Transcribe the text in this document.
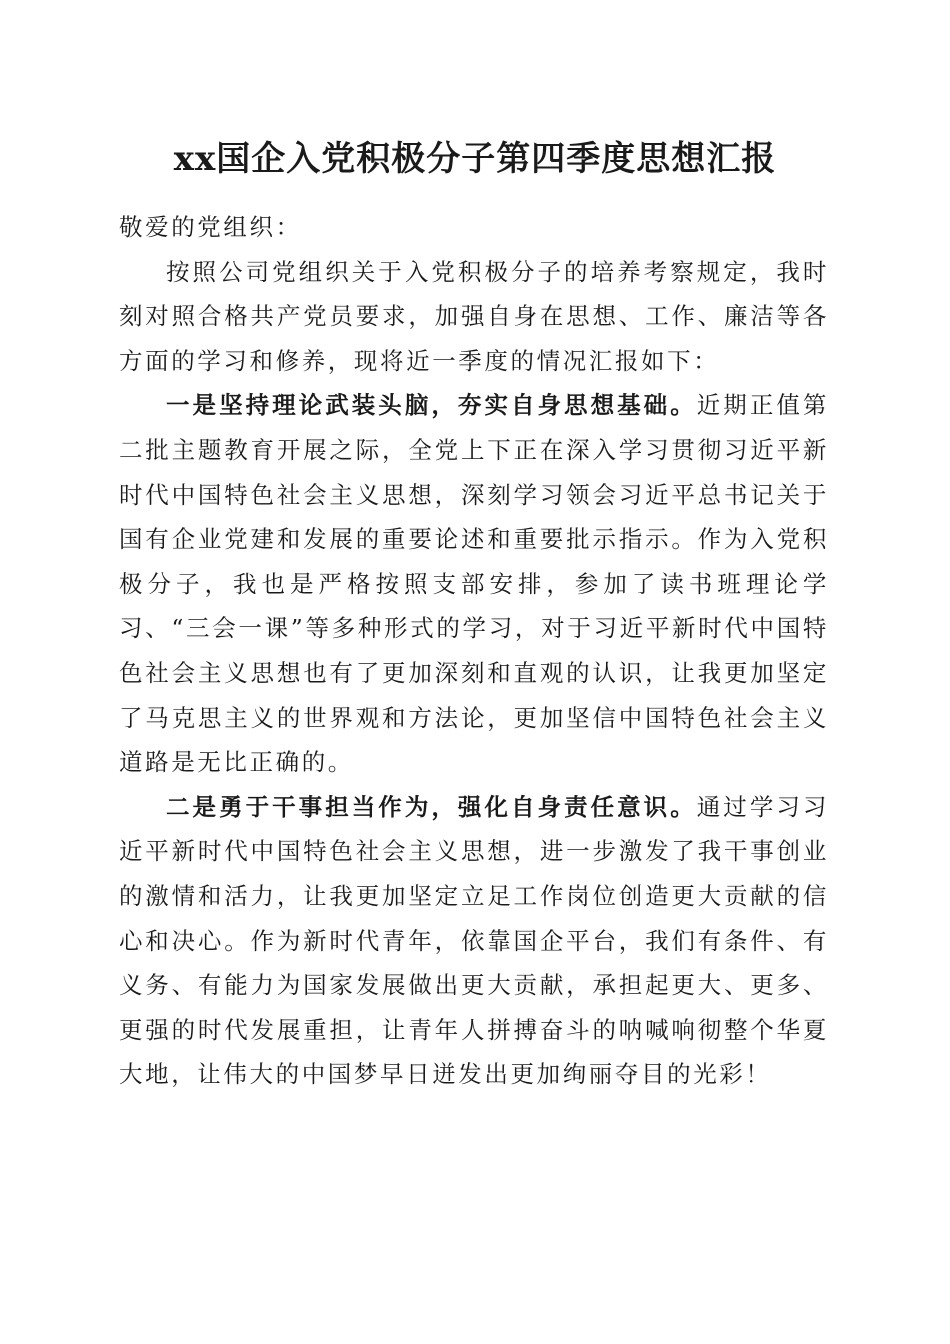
xx国企入党积极分子第四季度思想汇报

敬爱的党组织：

按照公司党组织关于入党积极分子的培养考察规定，我时刻对照合格共产党员要求，加强自身在思想、工作、廉洁等各方面的学习和修养，现将近一季度的情况汇报如下：

一是坚持理论武装头脑，夯实自身思想基础。近期正值第二批主题教育开展之际，全党上下正在深入学习贯彻习近平新时代中国特色社会主义思想，深刻学习领会习近平总书记关于国有企业党建和发展的重要论述和重要批示指示。作为入党积极分子，我也是严格按照支部安排，参加了读书班理论学习、“三会一课”等多种形式的学习，对于习近平新时代中国特色社会主义思想也有了更加深刻和直观的认识，让我更加坚定了马克思主义的世界观和方法论，更加坚信中国特色社会主义道路是无比正确的。

二是勇于干事担当作为，强化自身责任意识。通过学习习近平新时代中国特色社会主义思想，进一步激发了我干事创业的激情和活力，让我更加坚定立足工作岗位创造更大贡献的信心和决心。作为新时代青年，依靠国企平台，我们有条件、有义务、有能力为国家发展做出更大贡献，承担起更大、更多、更强的时代发展重担，让青年人拼搏奋斗的呐喊响彻整个华夏大地，让伟大的中国梦早日迸发出更加绚丽夺目的光彩！
